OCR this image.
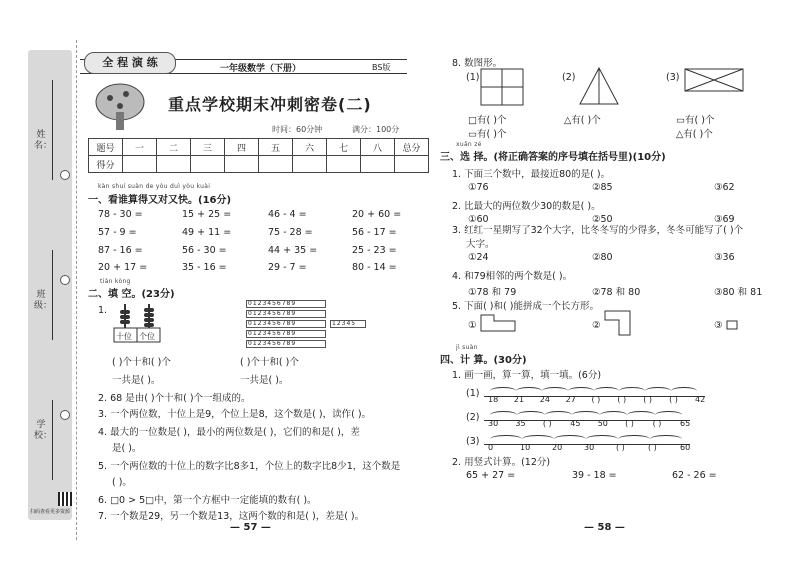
姓名：
班级：
学校：
扫码查看更多资源
全 程 演 练	一年级数学（下册）	BS版
重点学校期末冲刺密卷(二)
时间：60分钟	满分：100分
题号	一	二	三	四	五	六	七	八	总分
得分									
kàn shuí suàn de yòu duì yòu kuài
一、看谁算得又对又快。(16分)
78 - 30 =	15 + 25 =	46 - 4 =	20 + 60 =
57 - 9 =	49 + 11 =	75 - 28 =	56 - 17 =
87 - 16 =	56 - 30 =	44 + 35 =	25 - 23 =
20 + 17 =	35 - 16 =	29 - 7 =	80 - 14 =
tián kòng
二、填 空。(23分)
1.
十位 个位
0123456789
0123456789
0123456789
0123456789
0123456789
12345
( )个十和( )个	( )个十和( )个
一共是( )。	一共是( )。
2. 68 是由( )个十和( )个一组成的。
3. 一个两位数，十位上是9，个位上是8，这个数是( )，读作( )。
4. 最大的一位数是( )，最小的两位数是( )，它们的和是( )，差
是( )。
5. 一个两位数的十位上的数字比8多1，个位上的数字比8少1，这个数是
( )。
6. □0 > 5□中，第一个方框中一定能填的数有( )。
7. 一个数是29，另一个数是13，这两个数的和是( )，差是( )。
— 57 —
8. 数图形。
(1)	(2)	(3)
□有( )个	△有( )个	▭有( )个
▭有( )个	△有( )个
xuǎn zé
三、选 择。(将正确答案的序号填在括号里)(10分)
1. 下面三个数中，最接近80的是( )。
①76	②85	③62
2. 比最大的两位数少30的数是( )。
①60	②50	③69
3. 红红一星期写了32个大字，比冬冬写的少得多，冬冬可能写了( )个
大字。
①24	②80	③36
4. 和79相邻的两个数是( )。
①78 和 79	②78 和 80	③80 和 81
5. 下面( )和( )能拼成一个长方形。
①	②	③
jì suàn
四、计 算。(30分)
1. 画一画，算一算，填一填。(6分)
(1)
(2)
(3)
18 21 24 27 ( ) ( ) ( ) ( ) 42
30 35 ( ) 45 50 ( ) ( ) 65
0	10	20	30	( )	( )	60
2. 用竖式计算。(12分)
65 + 27 =	39 - 18 =	62 - 26 =
— 58 —
